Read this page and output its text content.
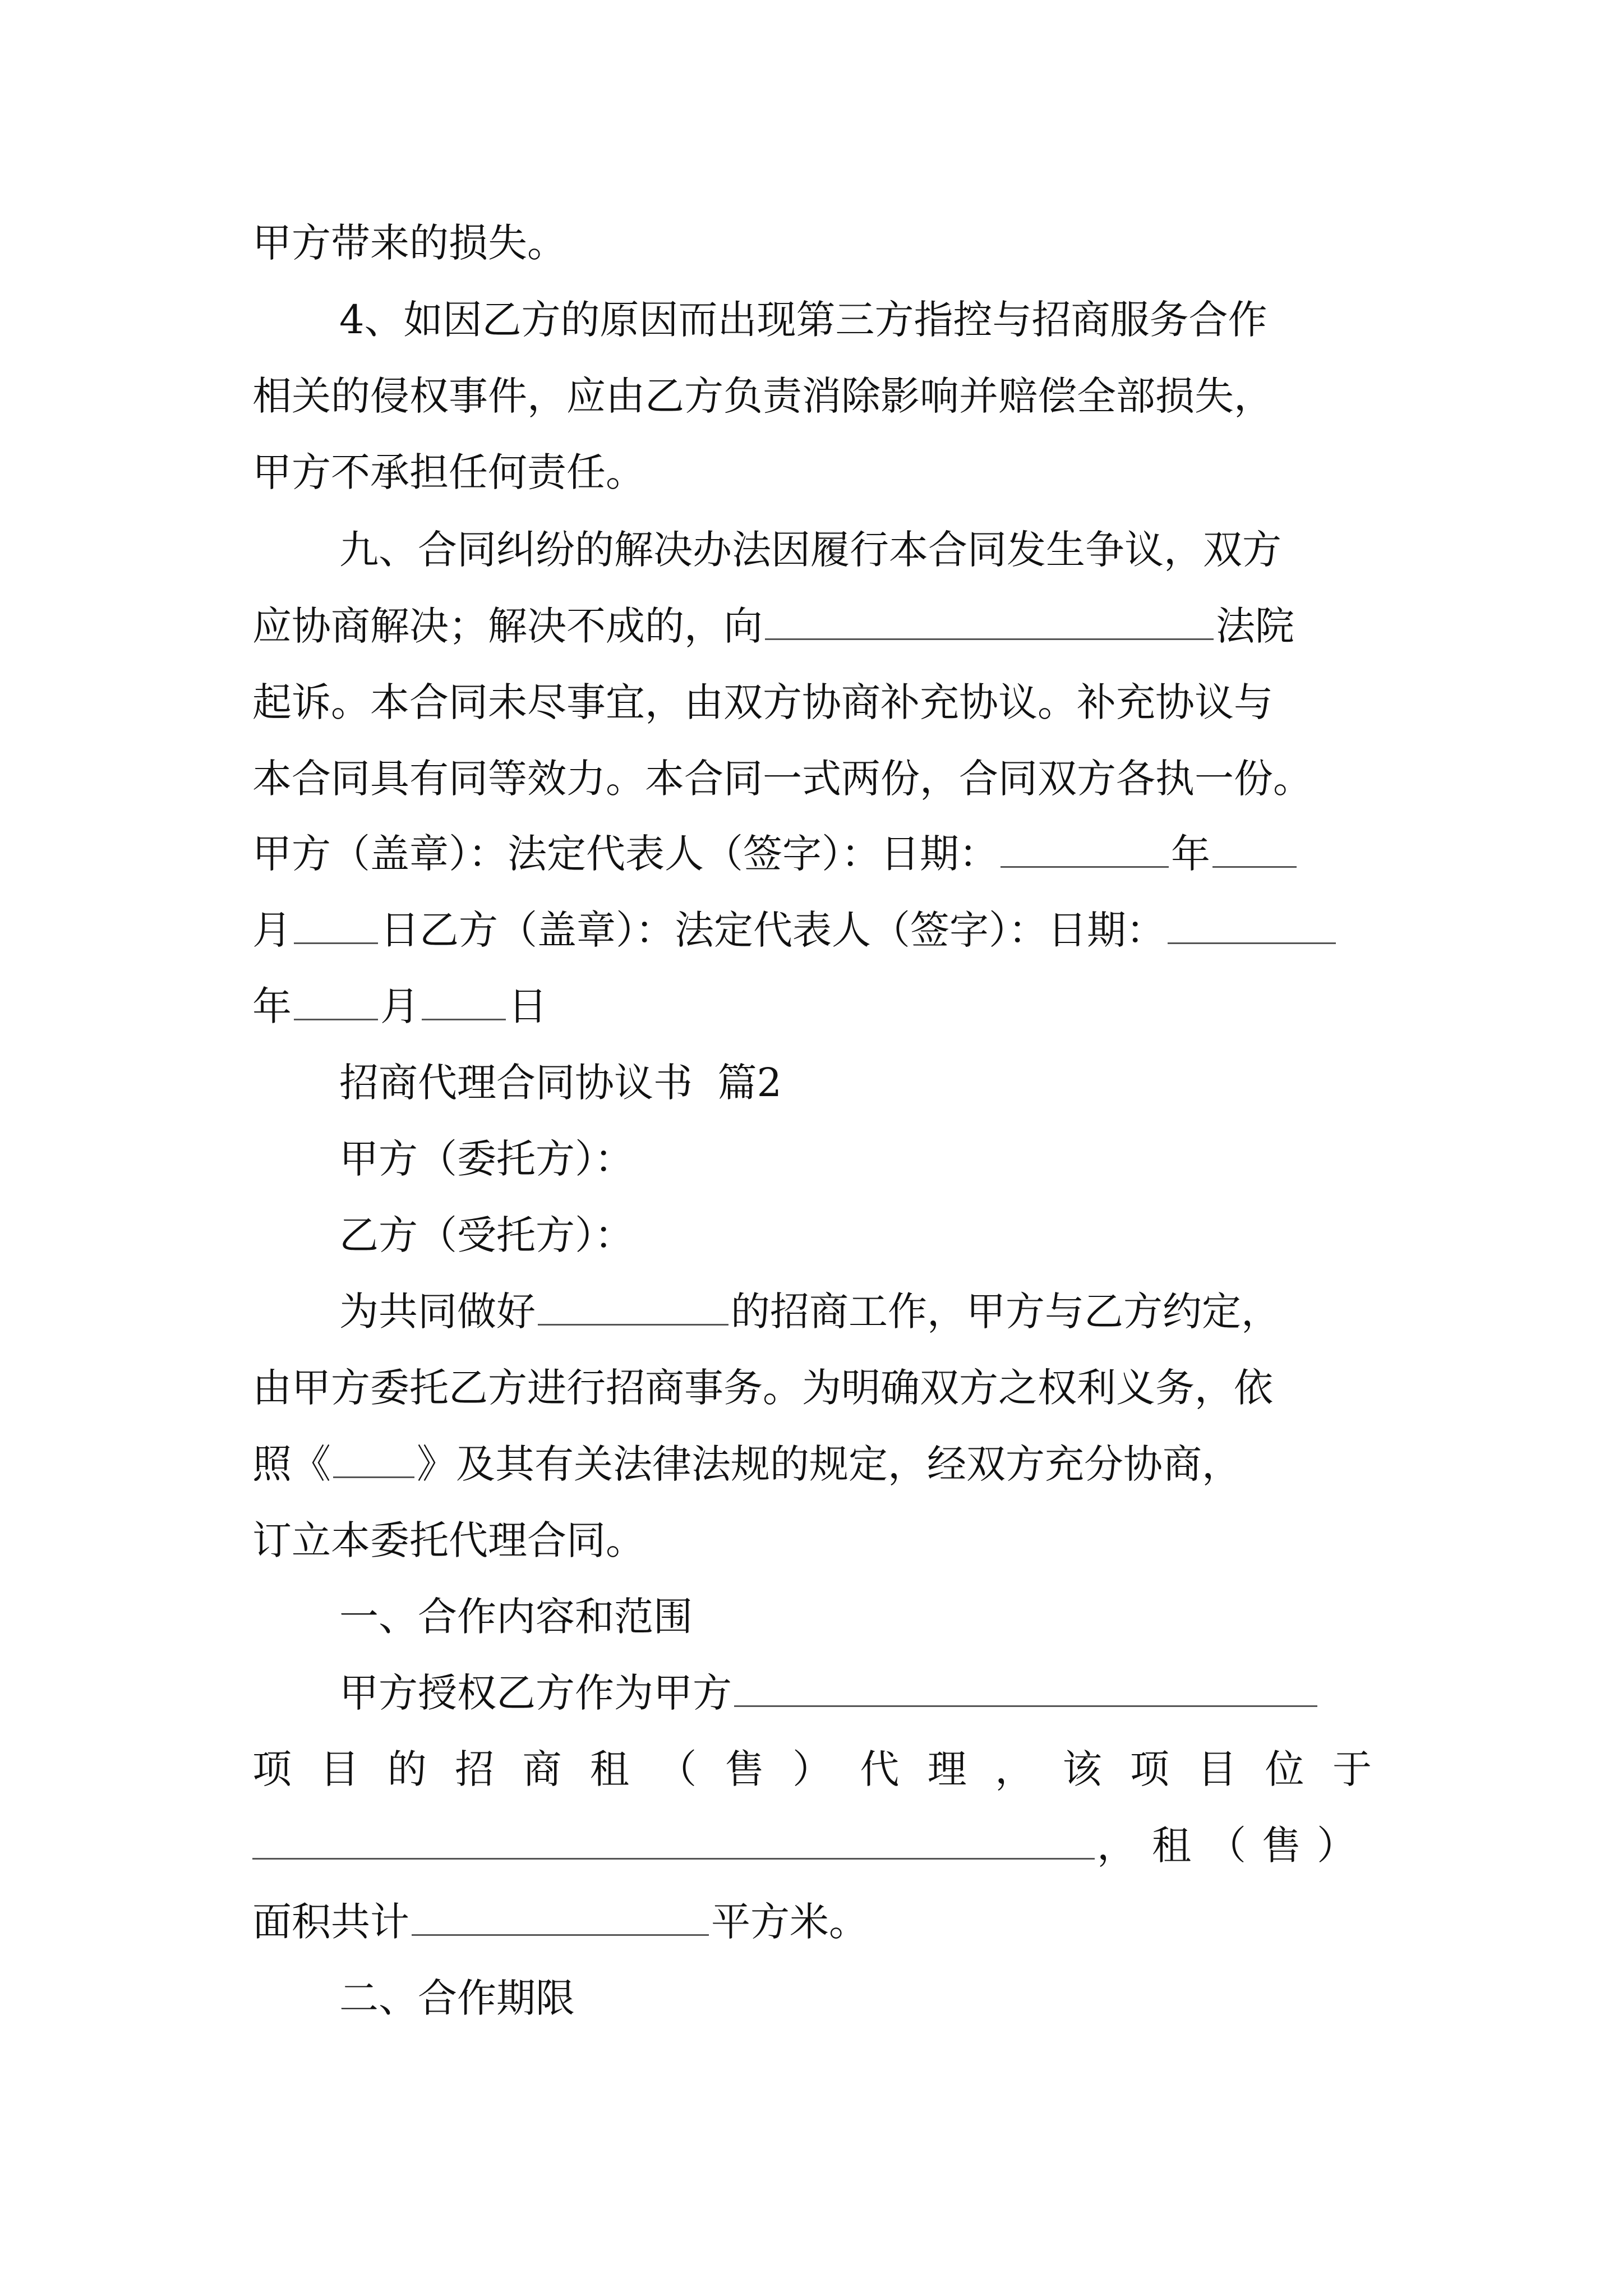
甲方带来的损失。
4、如因乙方的原因而出现第三方指控与招商服务合作
相关的侵权事件，应由乙方负责消除影响并赔偿全部损失，
甲方不承担任何责任。
九、合同纠纷的解决办法因履行本合同发生争议，双方
应协商解决；解决不成的，向	法院
起诉。本合同未尽事宜，由双方协商补充协议。补充协议与
本合同具有同等效力。本合同一式两份，合同双方各执一份。
甲方（盖章）：法定代表人（签字）：日期：	年
月 日乙方（盖章）：法定代表人（签字）：日期：
年 月 日
招商代理合同协议书  篇2
甲方（委托方）：
乙方（受托方）：
为共同做好	的招商工作，甲方与乙方约定，
由甲方委托乙方进行招商事务。为明确双方之权利义务，依
照《 》及其有关法律法规的规定，经双方充分协商，
订立本委托代理合同。
一、合作内容和范围
甲方授权乙方作为甲方
项 目 的 招 商 租 （ 售 ） 代 理 ， 该 项 目 位 于
，租（售）
面积共计	平方米。
二、合作期限
